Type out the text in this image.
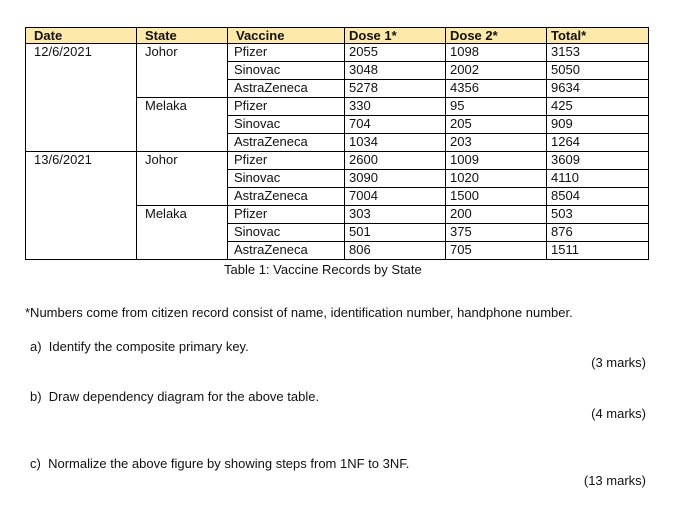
Date	State	Vaccine	Dose 1*	Dose 2*	Total*
12/6/2021	Johor	Pfizer	2055	1098	3153
		Sinovac	3048	2002	5050
		AstraZeneca	5278	4356	9634
	Melaka	Pfizer	330	95	425
		Sinovac	704	205	909
		AstraZeneca	1034	203	1264
13/6/2021	Johor	Pfizer	2600	1009	3609
		Sinovac	3090	1020	4110
		AstraZeneca	7004	1500	8504
	Melaka	Pfizer	303	200	503
		Sinovac	501	375	876
		AstraZeneca	806	705	1511
Table 1: Vaccine Records by State
*Numbers come from citizen record consist of name, identification number, handphone number.
a) Identify the composite primary key.
(3 marks)
b) Draw dependency diagram for the above table.
(4 marks)
c) Normalize the above figure by showing steps from 1NF to 3NF.
(13 marks)
